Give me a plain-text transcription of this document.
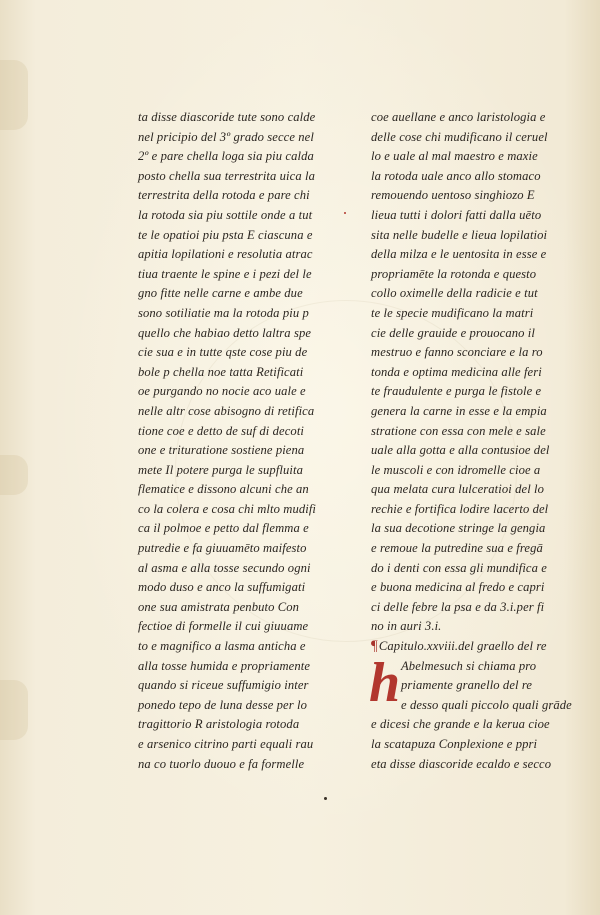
ta disse diascoride tute sono calde
nel pricipio del 3º grado secce nel
2º e pare chella loga sia piu calda
posto chella sua terrestrita uica la
terrestrita della rotoda e pare chi
la rotoda sia piu sottile onde a tut
te le opatioi piu psta E ciascuna e
apitia lopilationi e resolutia atrac
tiua traente le spine e i pezi del le
gno fitte nelle carne e ambe due
sono sotiliatie ma la rotoda piu p
quello che habiao detto laltra spe
cie sua e in tutte qste cose piu de
bole p chella noe tatta Retificati
oe purgando no nocie aco uale e
nelle altr cose abisogno di retifica
tione coe e detto de suf di decoti
one e trituratione sostiene piena
mete Il potere purga le supfluita
flematice e dissono alcuni che an
co la colera e cosa chi mlto mudifi
ca il polmoe e petto dal flemma e
putredie e fa giuuamēto maifesto
al asma e alla tosse secundo ogni
modo duso e anco la suffumigati
one sua amistrata penbuto Con
fectioe di formelle il cui giuuame
to e magnifico a lasma anticha e
alla tosse humida e propriamente
quando si riceue suffumigio inter
ponedo tepo de luna desse per lo
tragittorio R aristologia rotoda
e arsenico citrino parti equali rau
na co tuorlo duouo e fa formelle
coe auellane e anco laristologia e
delle cose chi mudificano il ceruel
lo e uale al mal maestro e maxie
la rotoda uale anco allo stomaco
remouendo uentoso singhiozo E
lieua tutti i dolori fatti dalla uēto
sita nelle budelle e lieua lopilatioi
della milza e le uentosita in esse e
propriamēte la rotonda e questo
collo oximelle della radicie e tut
te le specie mudificano la matri
cie delle grauide e prouocano il
mestruo e fanno sconciare e la ro
tonda e optima medicina alle feri
te fraudulente e purga le fistole e
genera la carne in esse e la empia
stratione con essa con mele e sale
uale alla gotta e alla contusioe del
le muscoli e con idromelle cioe a
qua melata cura lulceratioi del lo
rechie e fortifica lodire lacerto del
la sua decotione stringe la gengia
e remoue la putredine sua e fregā
do i denti con essa gli mundifica e
e buona medicina al fredo e capri
ci delle febre la psa e da 3.i.per fi
no in auri 3.i.
¶Capitulo.xxviii.del graello del re
h Abelmesuch si chiama pro
priamente granello del re
e desso quali piccolo quali grāde
e dicesi che grande e la kerua cioe
la scatapuza Conplexione e ppri
eta disse diascoride ecaldo e secco
